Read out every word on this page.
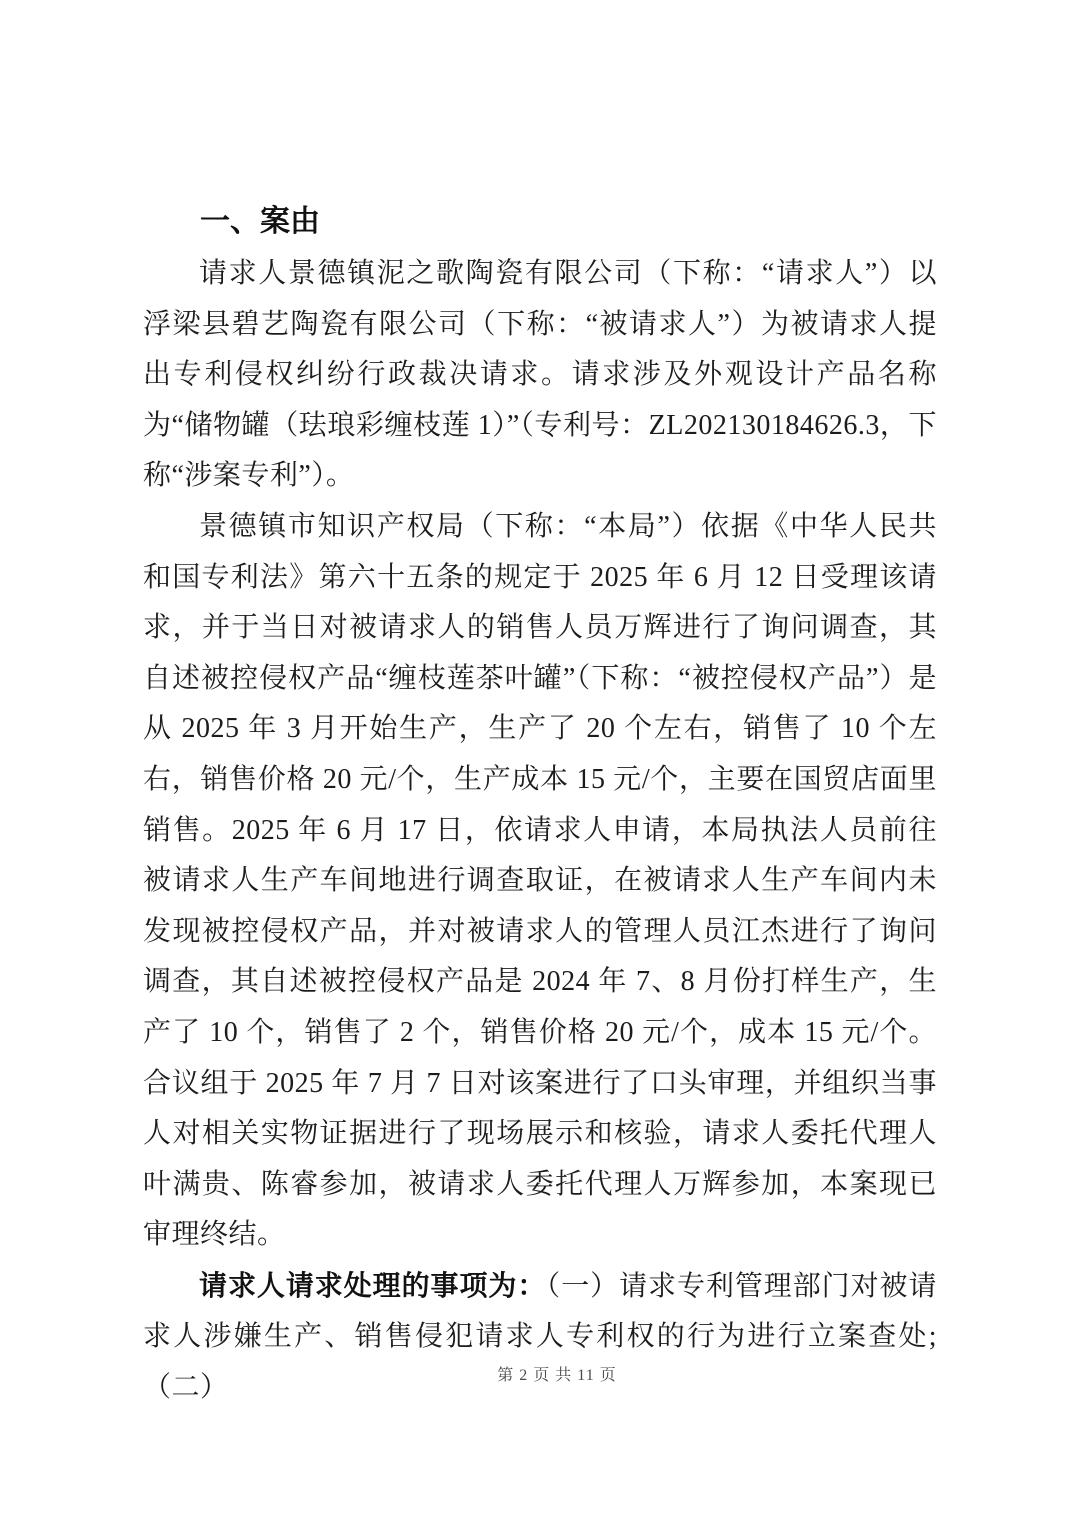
一、案由

请求人景德镇泥之歌陶瓷有限公司（下称：“请求人”）以浮梁县碧艺陶瓷有限公司（下称：“被请求人”）为被请求人提出专利侵权纠纷行政裁决请求。请求涉及外观设计产品名称为“储物罐（珐琅彩缠枝莲 1）”（专利号：ZL202130184626.3，下称“涉案专利”）。

景德镇市知识产权局（下称：“本局”）依据《中华人民共和国专利法》第六十五条的规定于 2025 年 6 月 12 日受理该请求，并于当日对被请求人的销售人员万辉进行了询问调查，其自述被控侵权产品“缠枝莲茶叶罐”（下称：“被控侵权产品”）是从 2025 年 3 月开始生产，生产了 20 个左右，销售了 10 个左右，销售价格 20 元/个，生产成本 15 元/个，主要在国贸店面里销售。2025 年 6 月 17 日，依请求人申请，本局执法人员前往被请求人生产车间地进行调查取证，在被请求人生产车间内未发现被控侵权产品，并对被请求人的管理人员江杰进行了询问调查，其自述被控侵权产品是 2024 年 7、8 月份打样生产，生产了 10 个，销售了 2 个，销售价格 20 元/个，成本 15 元/个。合议组于 2025 年 7 月 7 日对该案进行了口头审理，并组织当事人对相关实物证据进行了现场展示和核验，请求人委托代理人叶满贵、陈睿参加，被请求人委托代理人万辉参加，本案现已审理终结。

请求人请求处理的事项为：（一）请求专利管理部门对被请求人涉嫌生产、销售侵犯请求人专利权的行为进行立案查处;（二）	第 2 页 共 11 页
